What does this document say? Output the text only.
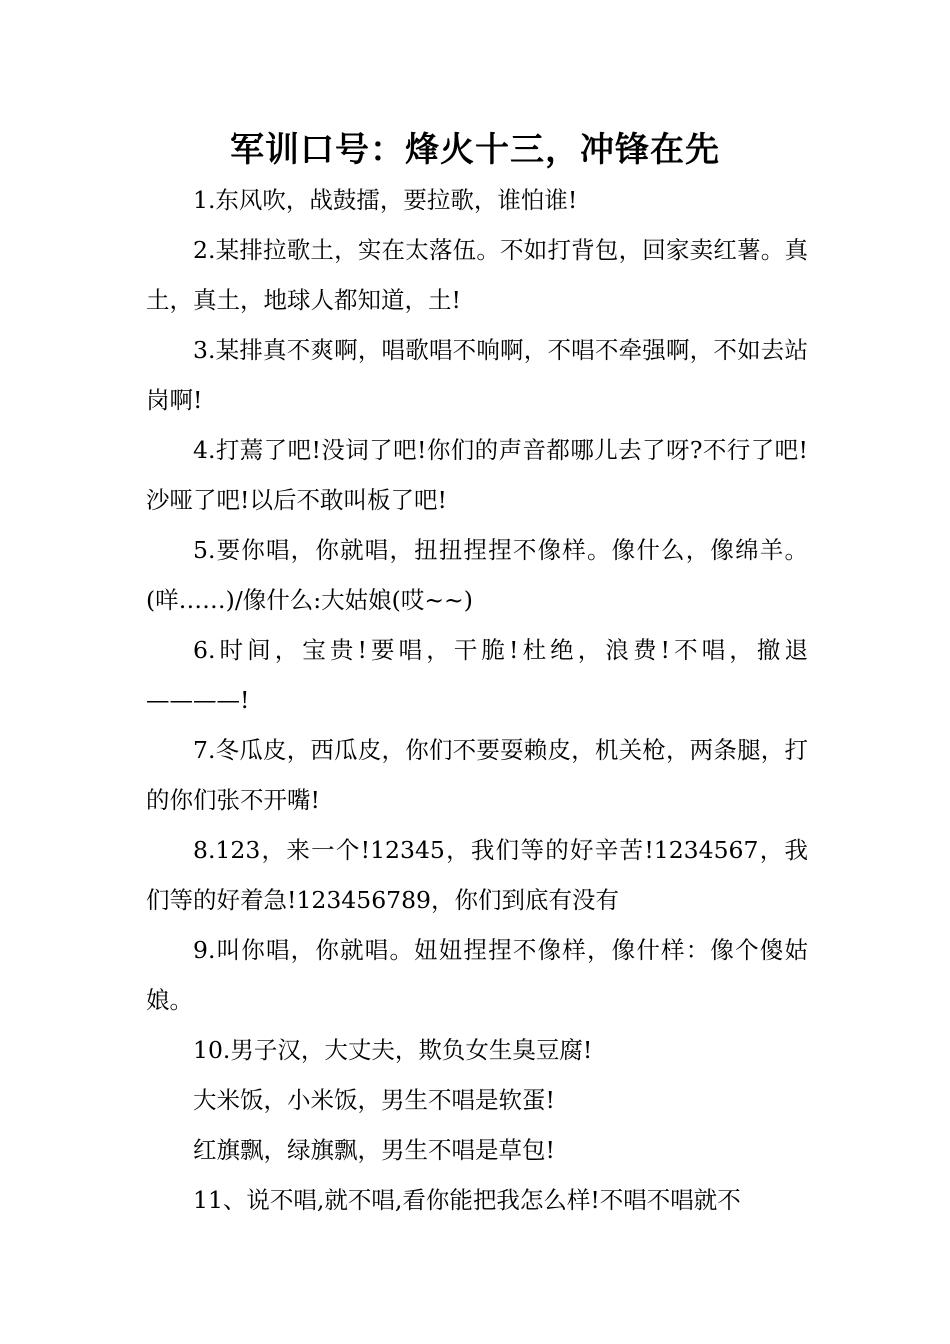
军训口号：烽火十三，冲锋在先

1.东风吹，战鼓擂，要拉歌，谁怕谁!

2.某排拉歌土，实在太落伍。不如打背包，回家卖红薯。真土，真土，地球人都知道，土!

3.某排真不爽啊，唱歌唱不响啊，不唱不牵强啊，不如去站岗啊!

4.打蔫了吧!没词了吧!你们的声音都哪儿去了呀?不行了吧!沙哑了吧!以后不敢叫板了吧!

5.要你唱，你就唱，扭扭捏捏不像样。像什么，像绵羊。(咩……)/像什么:大姑娘(哎~~)

6.时间，宝贵!要唱，干脆!杜绝，浪费!不唱，撤退————!

7.冬瓜皮，西瓜皮，你们不要耍赖皮，机关枪，两条腿，打的你们张不开嘴!

8.123，来一个!12345，我们等的好辛苦!1234567，我们等的好着急!123456789，你们到底有没有

9.叫你唱，你就唱。妞妞捏捏不像样，像什样：像个傻姑娘。

10.男子汉，大丈夫，欺负女生臭豆腐!

大米饭，小米饭，男生不唱是软蛋!

红旗飘，绿旗飘，男生不唱是草包!

11、说不唱,就不唱,看你能把我怎么样!不唱不唱就不
